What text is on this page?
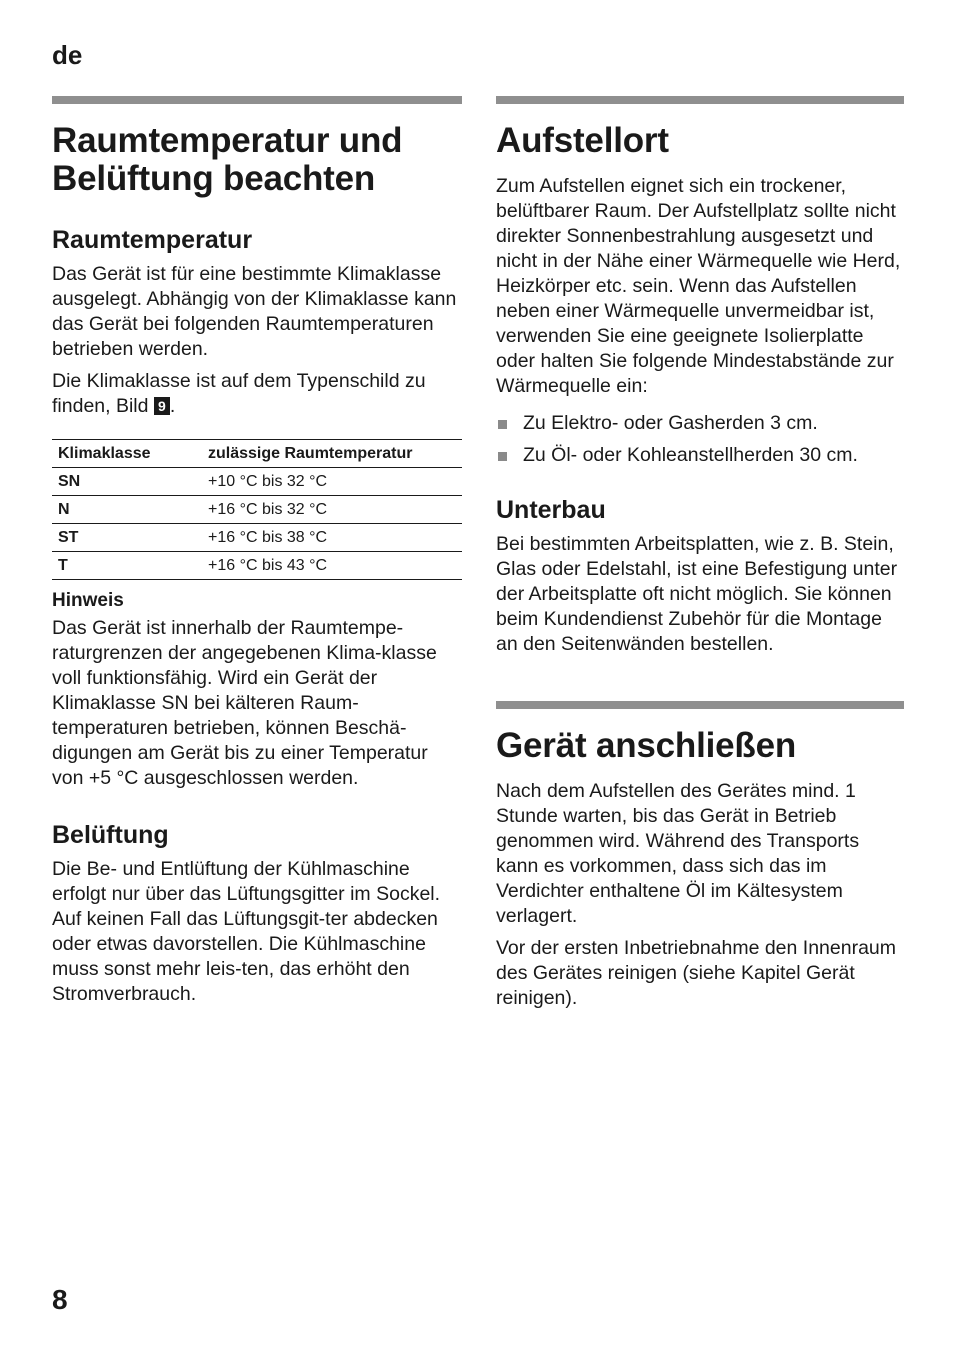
de
Raumtemperatur und Belüftung beachten
Raumtemperatur

Das Gerät ist für eine bestimmte Klimaklasse ausgelegt. Abhängig von der Klimaklasse kann das Gerät bei folgenden Raumtemperaturen betrieben werden.

Die Klimaklasse ist auf dem Typenschild zu finden, Bild 9 .

Klimaklasse	zulässige Raumtemperatur
SN	+10 °C bis 32 °C
N	+16 °C bis 32 °C
ST	+16 °C bis 38 °C
T	+16 °C bis 43 °C
Hinweis

Das Gerät ist innerhalb der Raumtempe-raturgrenzen der angegebenen Klima-klasse voll funktionsfähig. Wird ein Gerät der Klimaklasse SN bei kälteren Raum-temperaturen betrieben, können Beschä-digungen am Gerät bis zu einer Temperatur von +5 °C ausgeschlossen werden.

Belüftung

Die Be- und Entlüftung der Kühlmaschine erfolgt nur über das Lüftungsgitter im Sockel. Auf keinen Fall das Lüftungsgit-ter abdecken oder etwas davorstellen. Die Kühlmaschine muss sonst mehr leis-ten, das erhöht den Stromverbrauch.

Aufstellort

Zum Aufstellen eignet sich ein trockener, belüftbarer Raum. Der Aufstellplatz sollte nicht direkter Sonnenbestrahlung ausgesetzt und nicht in der Nähe einer Wärmequelle wie Herd, Heizkörper etc. sein. Wenn das Aufstellen neben einer Wärmequelle unvermeidbar ist, verwenden Sie eine geeignete Isolierplatte oder halten Sie folgende Mindestabstände zur Wärmequelle ein:

Zu Elektro- oder Gasherden 3 cm.
Zu Öl- oder Kohleanstellherden 30 cm.
Unterbau

Bei bestimmten Arbeitsplatten, wie z. B. Stein, Glas oder Edelstahl, ist eine Befestigung unter der Arbeitsplatte oft nicht möglich. Sie können beim Kundendienst Zubehör für die Montage an den Seitenwänden bestellen.

Gerät anschließen

Nach dem Aufstellen des Gerätes mind. 1 Stunde warten, bis das Gerät in Betrieb genommen wird. Während des Transports kann es vorkommen, dass sich das im Verdichter enthaltene Öl im Kältesystem verlagert.

Vor der ersten Inbetriebnahme den Innenraum des Gerätes reinigen (siehe Kapitel Gerät reinigen).

8
